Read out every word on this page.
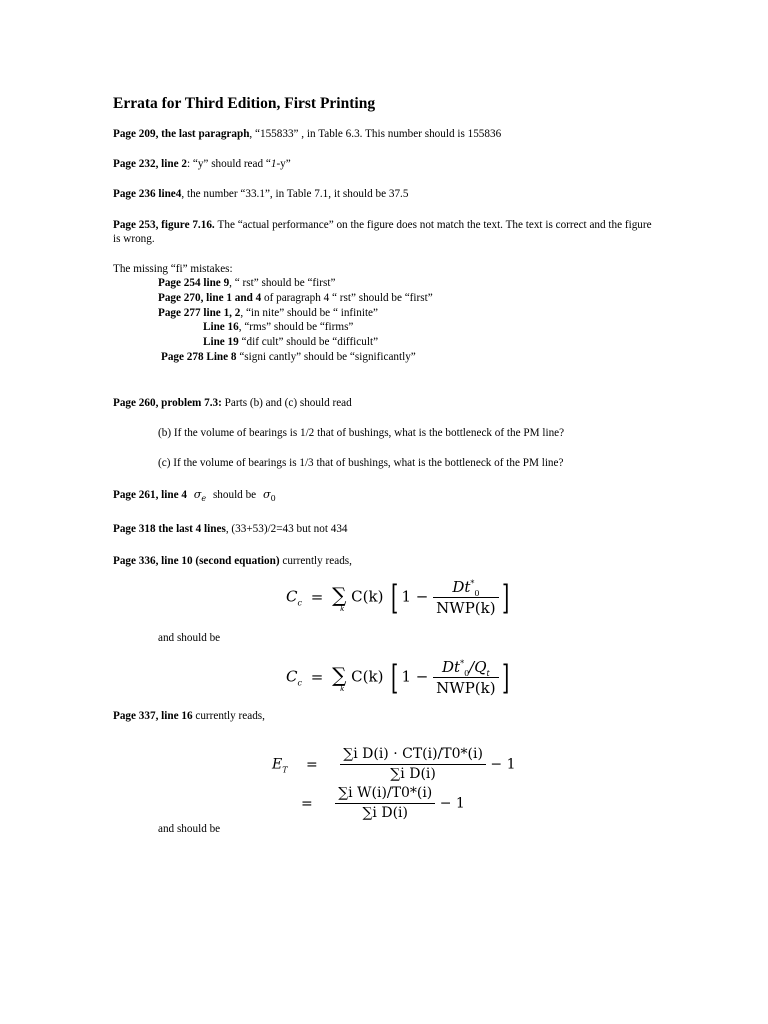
Errata for Third Edition, First Printing
Page 209, the last paragraph, “155833” , in Table 6.3. This number should is 155836
Page 232, line 2: “y” should read “1-y”
Page 236 line4, the number “33.1”, in Table 7.1, it should be 37.5
Page 253, figure 7.16. The “actual performance” on the figure does not match the text. The text is correct and the figure is wrong.
The missing “fi” mistakes:
Page 254 line 9, “ rst” should be “first”
Page 270, line 1 and 4 of paragraph 4 “ rst” should be “first”
Page 277 line 1, 2, “in nite” should be “ infinite”
Line 16, “rms” should be “firms”
Line 19 “dif cult” should be “difficult”
Page 278 Line 8 “signi cantly” should be “significantly”
Page 260, problem 7.3: Parts (b) and (c) should read
(b) If the volume of bearings is 1/2 that of bushings, what is the bottleneck of the PM line?
(c) If the volume of bearings is 1/3 that of bushings, what is the bottleneck of the PM line?
Page 261, line 4 $\sigma_e$ should be $\sigma_0$
Page 318 the last 4 lines, (33+53)/2=43 but not 434
Page 336, line 10 (second equation) currently reads,
$C_c$ = ∑
k
C(k) [ $1 - \frac{Dt^*_0}{\text{NWP(k)}}$ ]
and should be
$C_c$ = ∑
k
C(k) [ $1 - \frac{Dt^*_0/Q_t}{\text{NWP(k)}}$ ]
Page 337, line 16 currently reads,
$E_T = \frac{\text{∑i D(i) · CT(i)/T0*(i)}}{\text{∑i D(i)}} - 1$
= $\frac{\text{∑i W(i)/T0*(i)}}{\text{∑i D(i)}} - 1$
and should be
